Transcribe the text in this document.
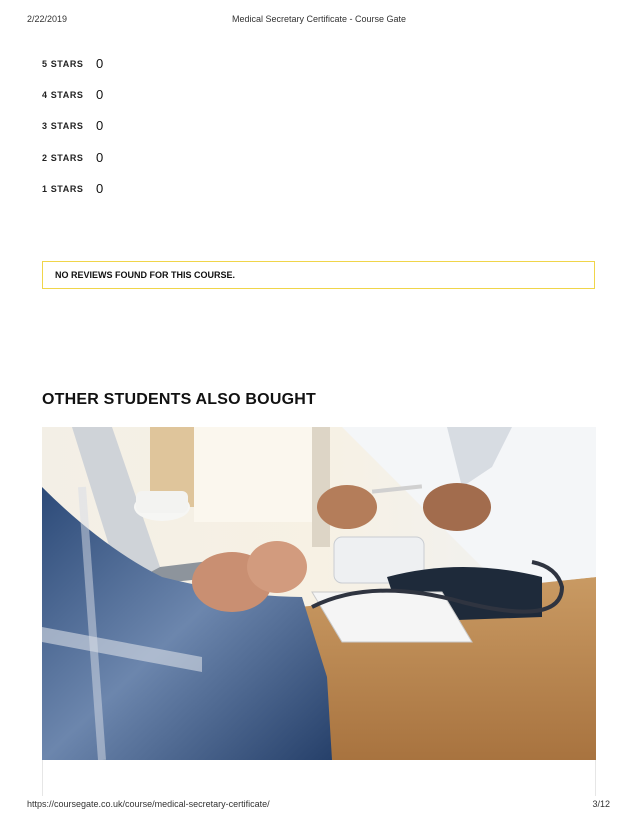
2/22/2019	Medical Secretary Certificate - Course Gate
5 STARS 0
4 STARS 0
3 STARS 0
2 STARS 0
1 STARS 0
NO REVIEWS FOUND FOR THIS COURSE.
OTHER STUDENTS ALSO BOUGHT
https://coursegate.co.uk/course/medical-secretary-certificate/	3/12
